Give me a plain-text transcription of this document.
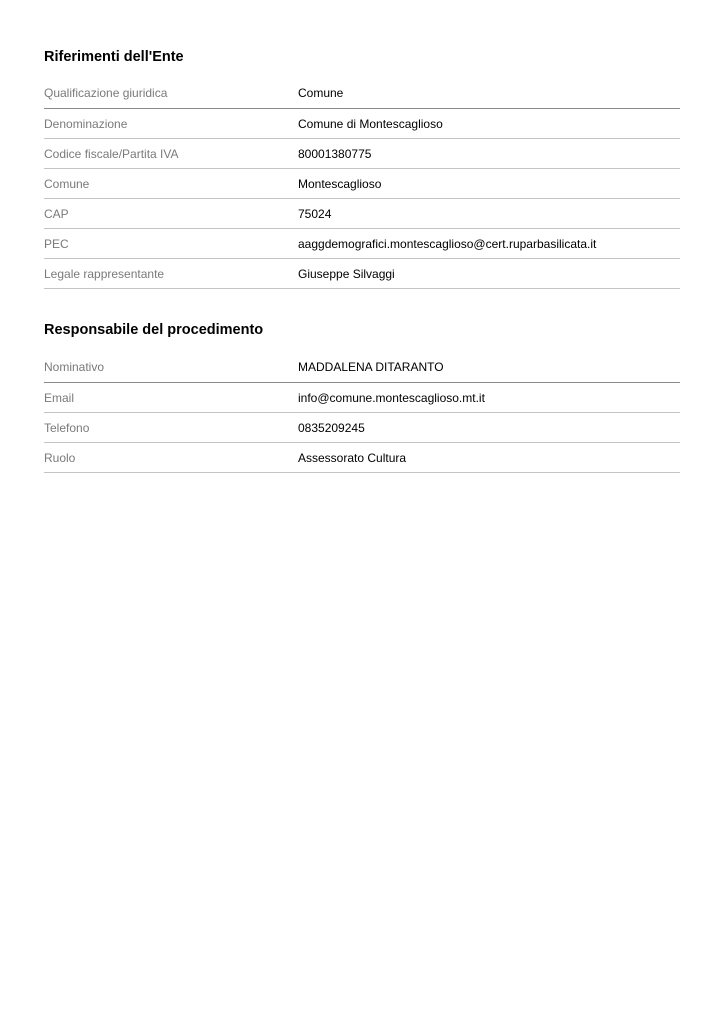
Riferimenti dell'Ente
Qualificazione giuridica	Comune
Denominazione	Comune di Montescaglioso
Codice fiscale/Partita IVA	80001380775
Comune	Montescaglioso
CAP	75024
PEC	aaggdemografici.montescaglioso@cert.ruparbasilicata.it
Legale rappresentante	Giuseppe Silvaggi
Responsabile del procedimento
Nominativo	MADDALENA DITARANTO
Email	info@comune.montescaglioso.mt.it
Telefono	0835209245
Ruolo	Assessorato Cultura
